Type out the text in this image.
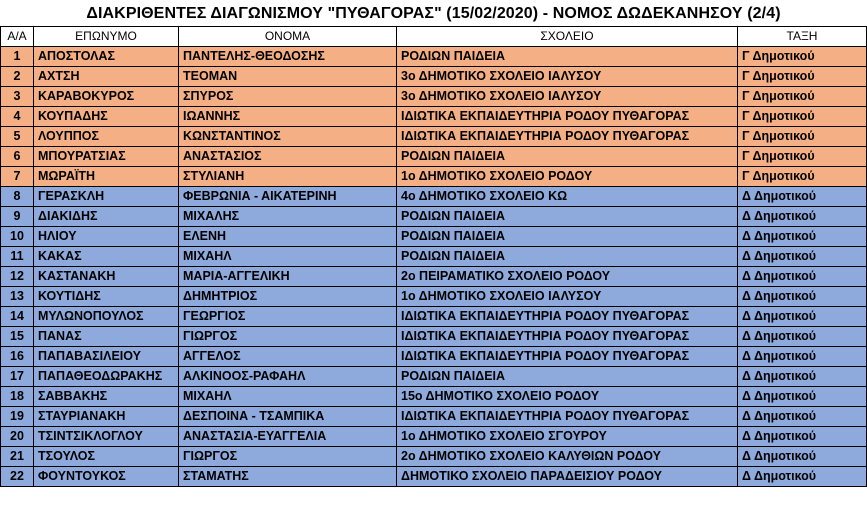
ΔΙΑΚΡΙΘΕΝΤΕΣ ΔΙΑΓΩΝΙΣΜΟΥ "ΠΥΘΑΓΟΡΑΣ" (15/02/2020) - ΝΟΜΟΣ ΔΩΔΕΚΑΝΗΣΟΥ (2/4)
Α/Α	ΕΠΩΝΥΜΟ	ΟΝΟΜΑ	ΣΧΟΛΕΙΟ	ΤΑΞΗ
1	ΑΠΟΣΤΟΛΑΣ	ΠΑΝΤΕΛΗΣ-ΘΕΟΔΟΣΗΣ	ΡΟΔΙΩΝ ΠΑΙΔΕΙΑ	Γ Δημοτικού
2	ΑΧΤΣΗ	ΤΕΟΜΑΝ	3ο ΔΗΜΟΤΙΚΟ ΣΧΟΛΕΙΟ ΙΑΛΥΣΟΥ	Γ Δημοτικού
3	ΚΑΡΑΒΟΚΥΡΟΣ	ΣΠΥΡΟΣ	3ο ΔΗΜΟΤΙΚΟ ΣΧΟΛΕΙΟ ΙΑΛΥΣΟΥ	Γ Δημοτικού
4	ΚΟΥΠΑΔΗΣ	ΙΩΑΝΝΗΣ	ΙΔΙΩΤΙΚΑ ΕΚΠΑΙΔΕΥΤΗΡΙΑ ΡΟΔΟΥ ΠΥΘΑΓΟΡΑΣ	Γ Δημοτικού
5	ΛΟΥΠΠΟΣ	ΚΩΝΣΤΑΝΤΙΝΟΣ	ΙΔΙΩΤΙΚΑ ΕΚΠΑΙΔΕΥΤΗΡΙΑ ΡΟΔΟΥ ΠΥΘΑΓΟΡΑΣ	Γ Δημοτικού
6	ΜΠΟΥΡΑΤΣΙΑΣ	ΑΝΑΣΤΑΣΙΟΣ	ΡΟΔΙΩΝ ΠΑΙΔΕΙΑ	Γ Δημοτικού
7	ΜΩΡΑΪΤΗ	ΣΤΥΛΙΑΝΗ	1ο ΔΗΜΟΤΙΚΟ ΣΧΟΛΕΙΟ ΡΟΔΟΥ	Γ Δημοτικού
8	ΓΕΡΑΣΚΛΗ	ΦΕΒΡΩΝΙΑ - ΑΙΚΑΤΕΡΙΝΗ	4ο ΔΗΜΟΤΙΚΟ ΣΧΟΛΕΙΟ ΚΩ	Δ Δημοτικού
9	ΔΙΑΚΙΔΗΣ	ΜΙΧΑΛΗΣ	ΡΟΔΙΩΝ ΠΑΙΔΕΙΑ	Δ Δημοτικού
10	ΗΛΙΟΥ	ΕΛΕΝΗ	ΡΟΔΙΩΝ ΠΑΙΔΕΙΑ	Δ Δημοτικού
11	ΚΑΚΑΣ	ΜΙΧΑΗΛ	ΡΟΔΙΩΝ ΠΑΙΔΕΙΑ	Δ Δημοτικού
12	ΚΑΣΤΑΝΑΚΗ	ΜΑΡΙΑ-ΑΓΓΕΛΙΚΗ	2ο ΠΕΙΡΑΜΑΤΙΚΟ ΣΧΟΛΕΙΟ ΡΟΔΟΥ	Δ Δημοτικού
13	ΚΟΥΤΙΔΗΣ	ΔΗΜΗΤΡΙΟΣ	1ο ΔΗΜΟΤΙΚΟ ΣΧΟΛΕΙΟ ΙΑΛΥΣΟΥ	Δ Δημοτικού
14	ΜΥΛΩΝΟΠΟΥΛΟΣ	ΓΕΩΡΓΙΟΣ	ΙΔΙΩΤΙΚΑ ΕΚΠΑΙΔΕΥΤΗΡΙΑ ΡΟΔΟΥ ΠΥΘΑΓΟΡΑΣ	Δ Δημοτικού
15	ΠΑΝΑΣ	ΓΙΩΡΓΟΣ	ΙΔΙΩΤΙΚΑ ΕΚΠΑΙΔΕΥΤΗΡΙΑ ΡΟΔΟΥ ΠΥΘΑΓΟΡΑΣ	Δ Δημοτικού
16	ΠΑΠΑΒΑΣΙΛΕΙΟΥ	ΑΓΓΕΛΟΣ	ΙΔΙΩΤΙΚΑ ΕΚΠΑΙΔΕΥΤΗΡΙΑ ΡΟΔΟΥ ΠΥΘΑΓΟΡΑΣ	Δ Δημοτικού
17	ΠΑΠΑΘΕΟΔΩΡΑΚΗΣ	ΑΛΚΙΝΟΟΣ-ΡΑΦΑΗΛ	ΡΟΔΙΩΝ ΠΑΙΔΕΙΑ	Δ Δημοτικού
18	ΣΑΒΒΑΚΗΣ	ΜΙΧΑΗΛ	15ο ΔΗΜΟΤΙΚΟ ΣΧΟΛΕΙΟ ΡΟΔΟΥ	Δ Δημοτικού
19	ΣΤΑΥΡΙΑΝΑΚΗ	ΔΕΣΠΟΙΝΑ - ΤΣΑΜΠΙΚΑ	ΙΔΙΩΤΙΚΑ ΕΚΠΑΙΔΕΥΤΗΡΙΑ ΡΟΔΟΥ ΠΥΘΑΓΟΡΑΣ	Δ Δημοτικού
20	ΤΣΙΝΤΣΙΚΛΟΓΛΟΥ	ΑΝΑΣΤΑΣΙΑ-ΕΥΑΓΓΕΛΙΑ	1ο ΔΗΜΟΤΙΚΟ ΣΧΟΛΕΙΟ ΣΓΟΥΡΟΥ	Δ Δημοτικού
21	ΤΣΟΥΛΟΣ	ΓΙΩΡΓΟΣ	2ο ΔΗΜΟΤΙΚΟ ΣΧΟΛΕΙΟ ΚΑΛΥΘΙΩΝ ΡΟΔΟΥ	Δ Δημοτικού
22	ΦΟΥΝΤΟΥΚΟΣ	ΣΤΑΜΑΤΗΣ	ΔΗΜΟΤΙΚΟ ΣΧΟΛΕΙΟ ΠΑΡΑΔΕΙΣΙΟΥ ΡΟΔΟΥ	Δ Δημοτικού
